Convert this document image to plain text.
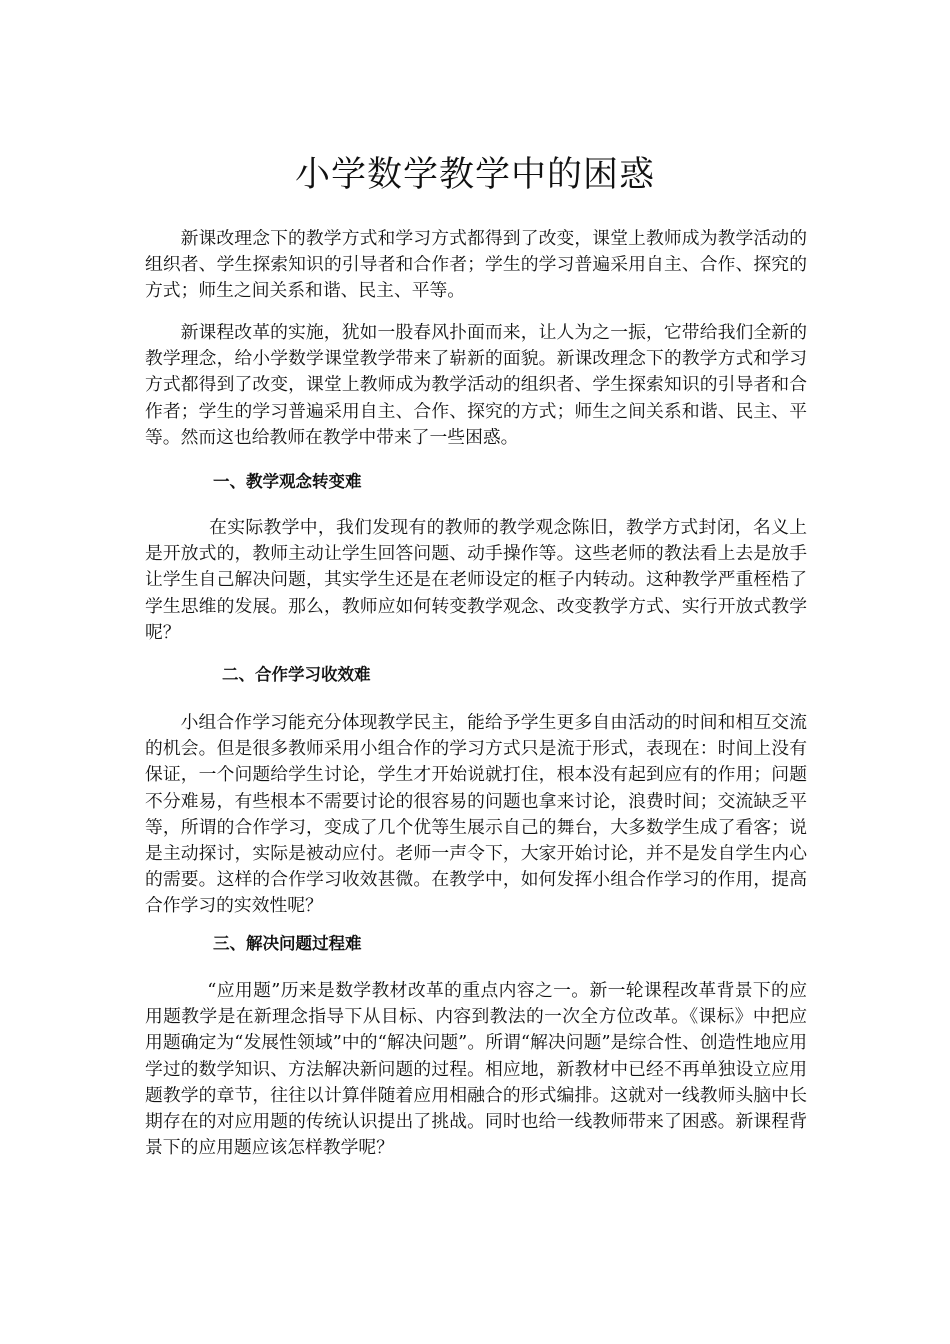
小学数学教学中的困惑

新课改理念下的教学方式和学习方式都得到了改变，课堂上教师成为教学活动的组织者、学生探索知识的引导者和合作者；学生的学习普遍采用自主、合作、探究的方式；师生之间关系和谐、民主、平等。

新课程改革的实施，犹如一股春风扑面而来，让人为之一振，它带给我们全新的教学理念，给小学数学课堂教学带来了崭新的面貌。新课改理念下的教学方式和学习方式都得到了改变，课堂上教师成为教学活动的组织者、学生探索知识的引导者和合作者；学生的学习普遍采用自主、合作、探究的方式；师生之间关系和谐、民主、平等。然而这也给教师在教学中带来了一些困惑。

一、教学观念转变难

在实际教学中，我们发现有的教师的教学观念陈旧，教学方式封闭，名义上是开放式的，教师主动让学生回答问题、动手操作等。这些老师的教法看上去是放手让学生自己解决问题，其实学生还是在老师设定的框子内转动。这种教学严重桎梏了学生思维的发展。那么，教师应如何转变教学观念、改变教学方式、实行开放式教学呢？

二、合作学习收效难

小组合作学习能充分体现教学民主，能给予学生更多自由活动的时间和相互交流的机会。但是很多教师采用小组合作的学习方式只是流于形式，表现在：时间上没有保证，一个问题给学生讨论，学生才开始说就打住，根本没有起到应有的作用；问题不分难易，有些根本不需要讨论的很容易的问题也拿来讨论，浪费时间；交流缺乏平等，所谓的合作学习，变成了几个优等生展示自己的舞台，大多数学生成了看客；说是主动探讨，实际是被动应付。老师一声令下，大家开始讨论，并不是发自学生内心的需要。这样的合作学习收效甚微。在教学中，如何发挥小组合作学习的作用，提高合作学习的实效性呢？

三、解决问题过程难

“应用题”历来是数学教材改革的重点内容之一。新一轮课程改革背景下的应用题教学是在新理念指导下从目标、内容到教法的一次全方位改革。《课标》中把应用题确定为“发展性领域”中的“解决问题”。所谓“解决问题”是综合性、创造性地应用学过的数学知识、方法解决新问题的过程。相应地，新教材中已经不再单独设立应用题教学的章节，往往以计算伴随着应用相融合的形式编排。这就对一线教师头脑中长期存在的对应用题的传统认识提出了挑战。同时也给一线教师带来了困惑。新课程背景下的应用题应该怎样教学呢？
